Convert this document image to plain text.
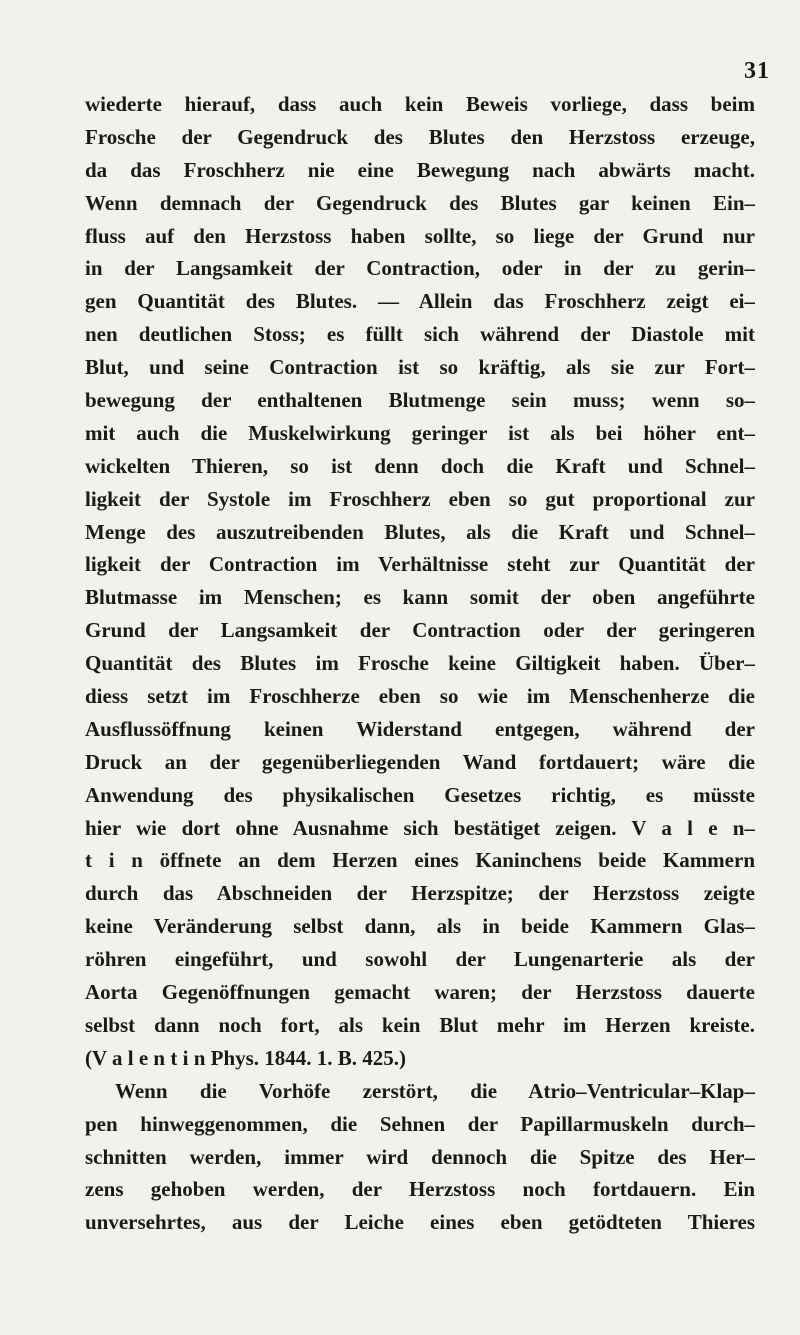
31
wiederte hierauf, dass auch kein Beweis vorliege, dass beim
Frosche der Gegendruck des Blutes den Herzstoss erzeuge,
da das Froschherz nie eine Bewegung nach abwärts macht.
Wenn demnach der Gegendruck des Blutes gar keinen Ein–
fluss auf den Herzstoss haben sollte, so liege der Grund nur
in der Langsamkeit der Contraction, oder in der zu gerin–
gen Quantität des Blutes. — Allein das Froschherz zeigt ei–
nen deutlichen Stoss; es füllt sich während der Diastole mit
Blut, und seine Contraction ist so kräftig, als sie zur Fort–
bewegung der enthaltenen Blutmenge sein muss; wenn so–
mit auch die Muskelwirkung geringer ist als bei höher ent–
wickelten Thieren, so ist denn doch die Kraft und Schnel–
ligkeit der Systole im Froschherz eben so gut proportional zur
Menge des auszutreibenden Blutes, als die Kraft und Schnel–
ligkeit der Contraction im Verhältnisse steht zur Quantität der
Blutmasse im Menschen; es kann somit der oben angeführte
Grund der Langsamkeit der Contraction oder der geringeren
Quantität des Blutes im Frosche keine Giltigkeit haben. Über–
diess setzt im Froschherze eben so wie im Menschenherze die
Ausflussöffnung keinen Widerstand entgegen, während der
Druck an der gegenüberliegenden Wand fortdauert; wäre die
Anwendung des physikalischen Gesetzes richtig, es müsste
hier wie dort ohne Ausnahme sich bestätiget zeigen. V a l e n–
t i n öffnete an dem Herzen eines Kaninchens beide Kammern
durch das Abschneiden der Herzspitze; der Herzstoss zeigte
keine Veränderung selbst dann, als in beide Kammern Glas–
röhren eingeführt, und sowohl der Lungenarterie als der
Aorta Gegenöffnungen gemacht waren; der Herzstoss dauerte
selbst dann noch fort, als kein Blut mehr im Herzen kreiste.
(V a l e n t i n Phys. 1844. 1. B. 425.)
Wenn die Vorhöfe zerstört, die Atrio–Ventricular–Klap–
pen hinweggenommen, die Sehnen der Papillarmuskeln durch–
schnitten werden, immer wird dennoch die Spitze des Her–
zens gehoben werden, der Herzstoss noch fortdauern. Ein
unversehrtes, aus der Leiche eines eben getödteten Thieres
